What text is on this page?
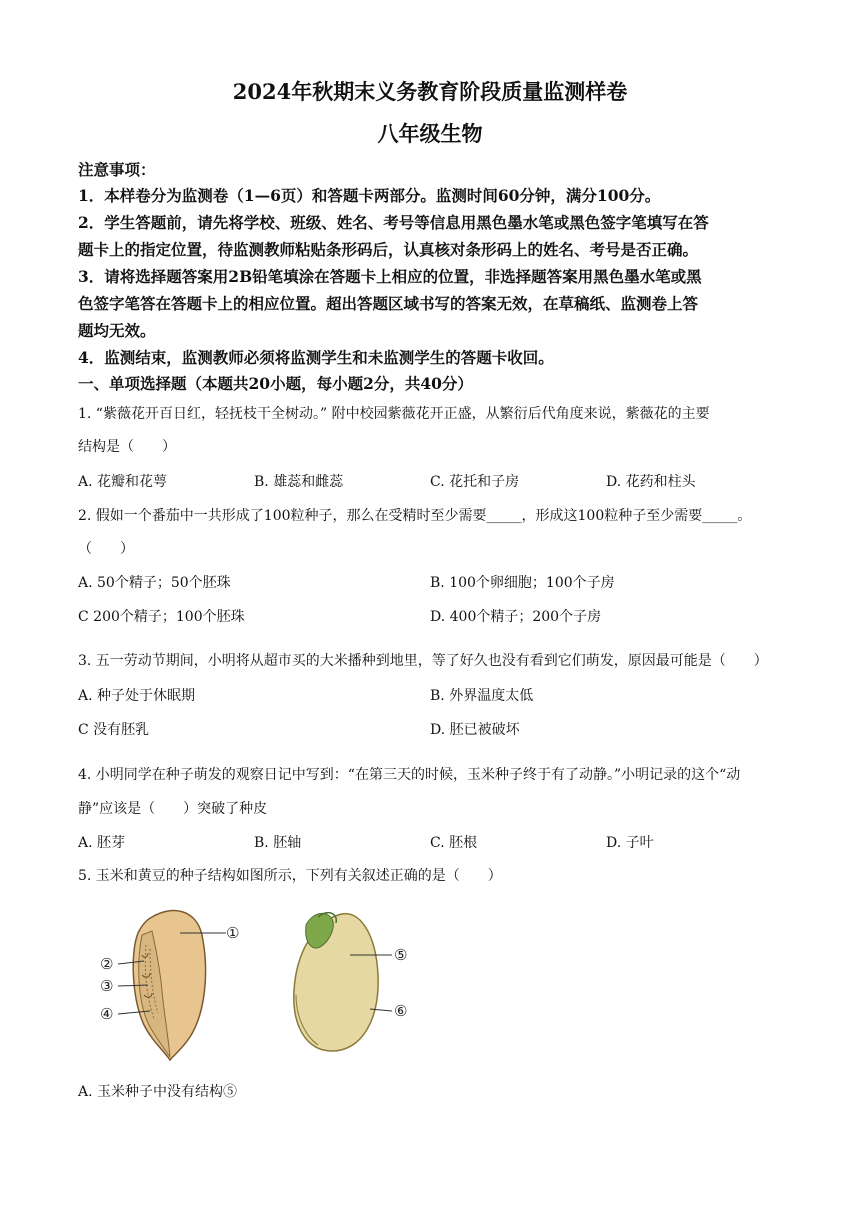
2024年秋期末义务教育阶段质量监测样卷
八年级生物
注意事项：
1．本样卷分为监测卷（1—6页）和答题卡两部分。监测时间60分钟，满分100分。
2．学生答题前，请先将学校、班级、姓名、考号等信息用黑色墨水笔或黑色签字笔填写在答
题卡上的指定位置，待监测教师粘贴条形码后，认真核对条形码上的姓名、考号是否正确。
3．请将选择题答案用2B铅笔填涂在答题卡上相应的位置，非选择题答案用黑色墨水笔或黑
色签字笔答在答题卡上的相应位置。超出答题区域书写的答案无效，在草稿纸、监测卷上答
题均无效。
4．监测结束，监测教师必须将监测学生和未监测学生的答题卡收回。
一、单项选择题（本题共20小题，每小题2分，共40分）
1. “紫薇花开百日红，轻抚枝干全树动。” 附中校园紫薇花开正盛，从繁衍后代角度来说，紫薇花的主要
结构是（　　）
A. 花瓣和花萼	B. 雄蕊和雌蕊	C. 花托和子房	D. 花药和柱头
2. 假如一个番茄中一共形成了100粒种子，那么在受精时至少需要_____，形成这100粒种子至少需要_____。
（　　）
A. 50个精子；50个胚珠	B. 100个卵细胞；100个子房
C 200个精子；100个胚珠	D. 400个精子；200个子房
3. 五一劳动节期间，小明将从超市买的大米播种到地里，等了好久也没有看到它们萌发，原因最可能是（　　）
A. 种子处于休眠期	B. 外界温度太低
C 没有胚乳	D. 胚已被破坏
4. 小明同学在种子萌发的观察日记中写到：“在第三天的时候，玉米种子终于有了动静。”小明记录的这个“动
静”应该是（　　）突破了种皮
A. 胚芽	B. 胚轴	C. 胚根	D. 子叶
5. 玉米和黄豆的种子结构如图所示，下列有关叙述正确的是（　　）
①
②
③
④
⑤
⑥
A. 玉米种子中没有结构⑤
